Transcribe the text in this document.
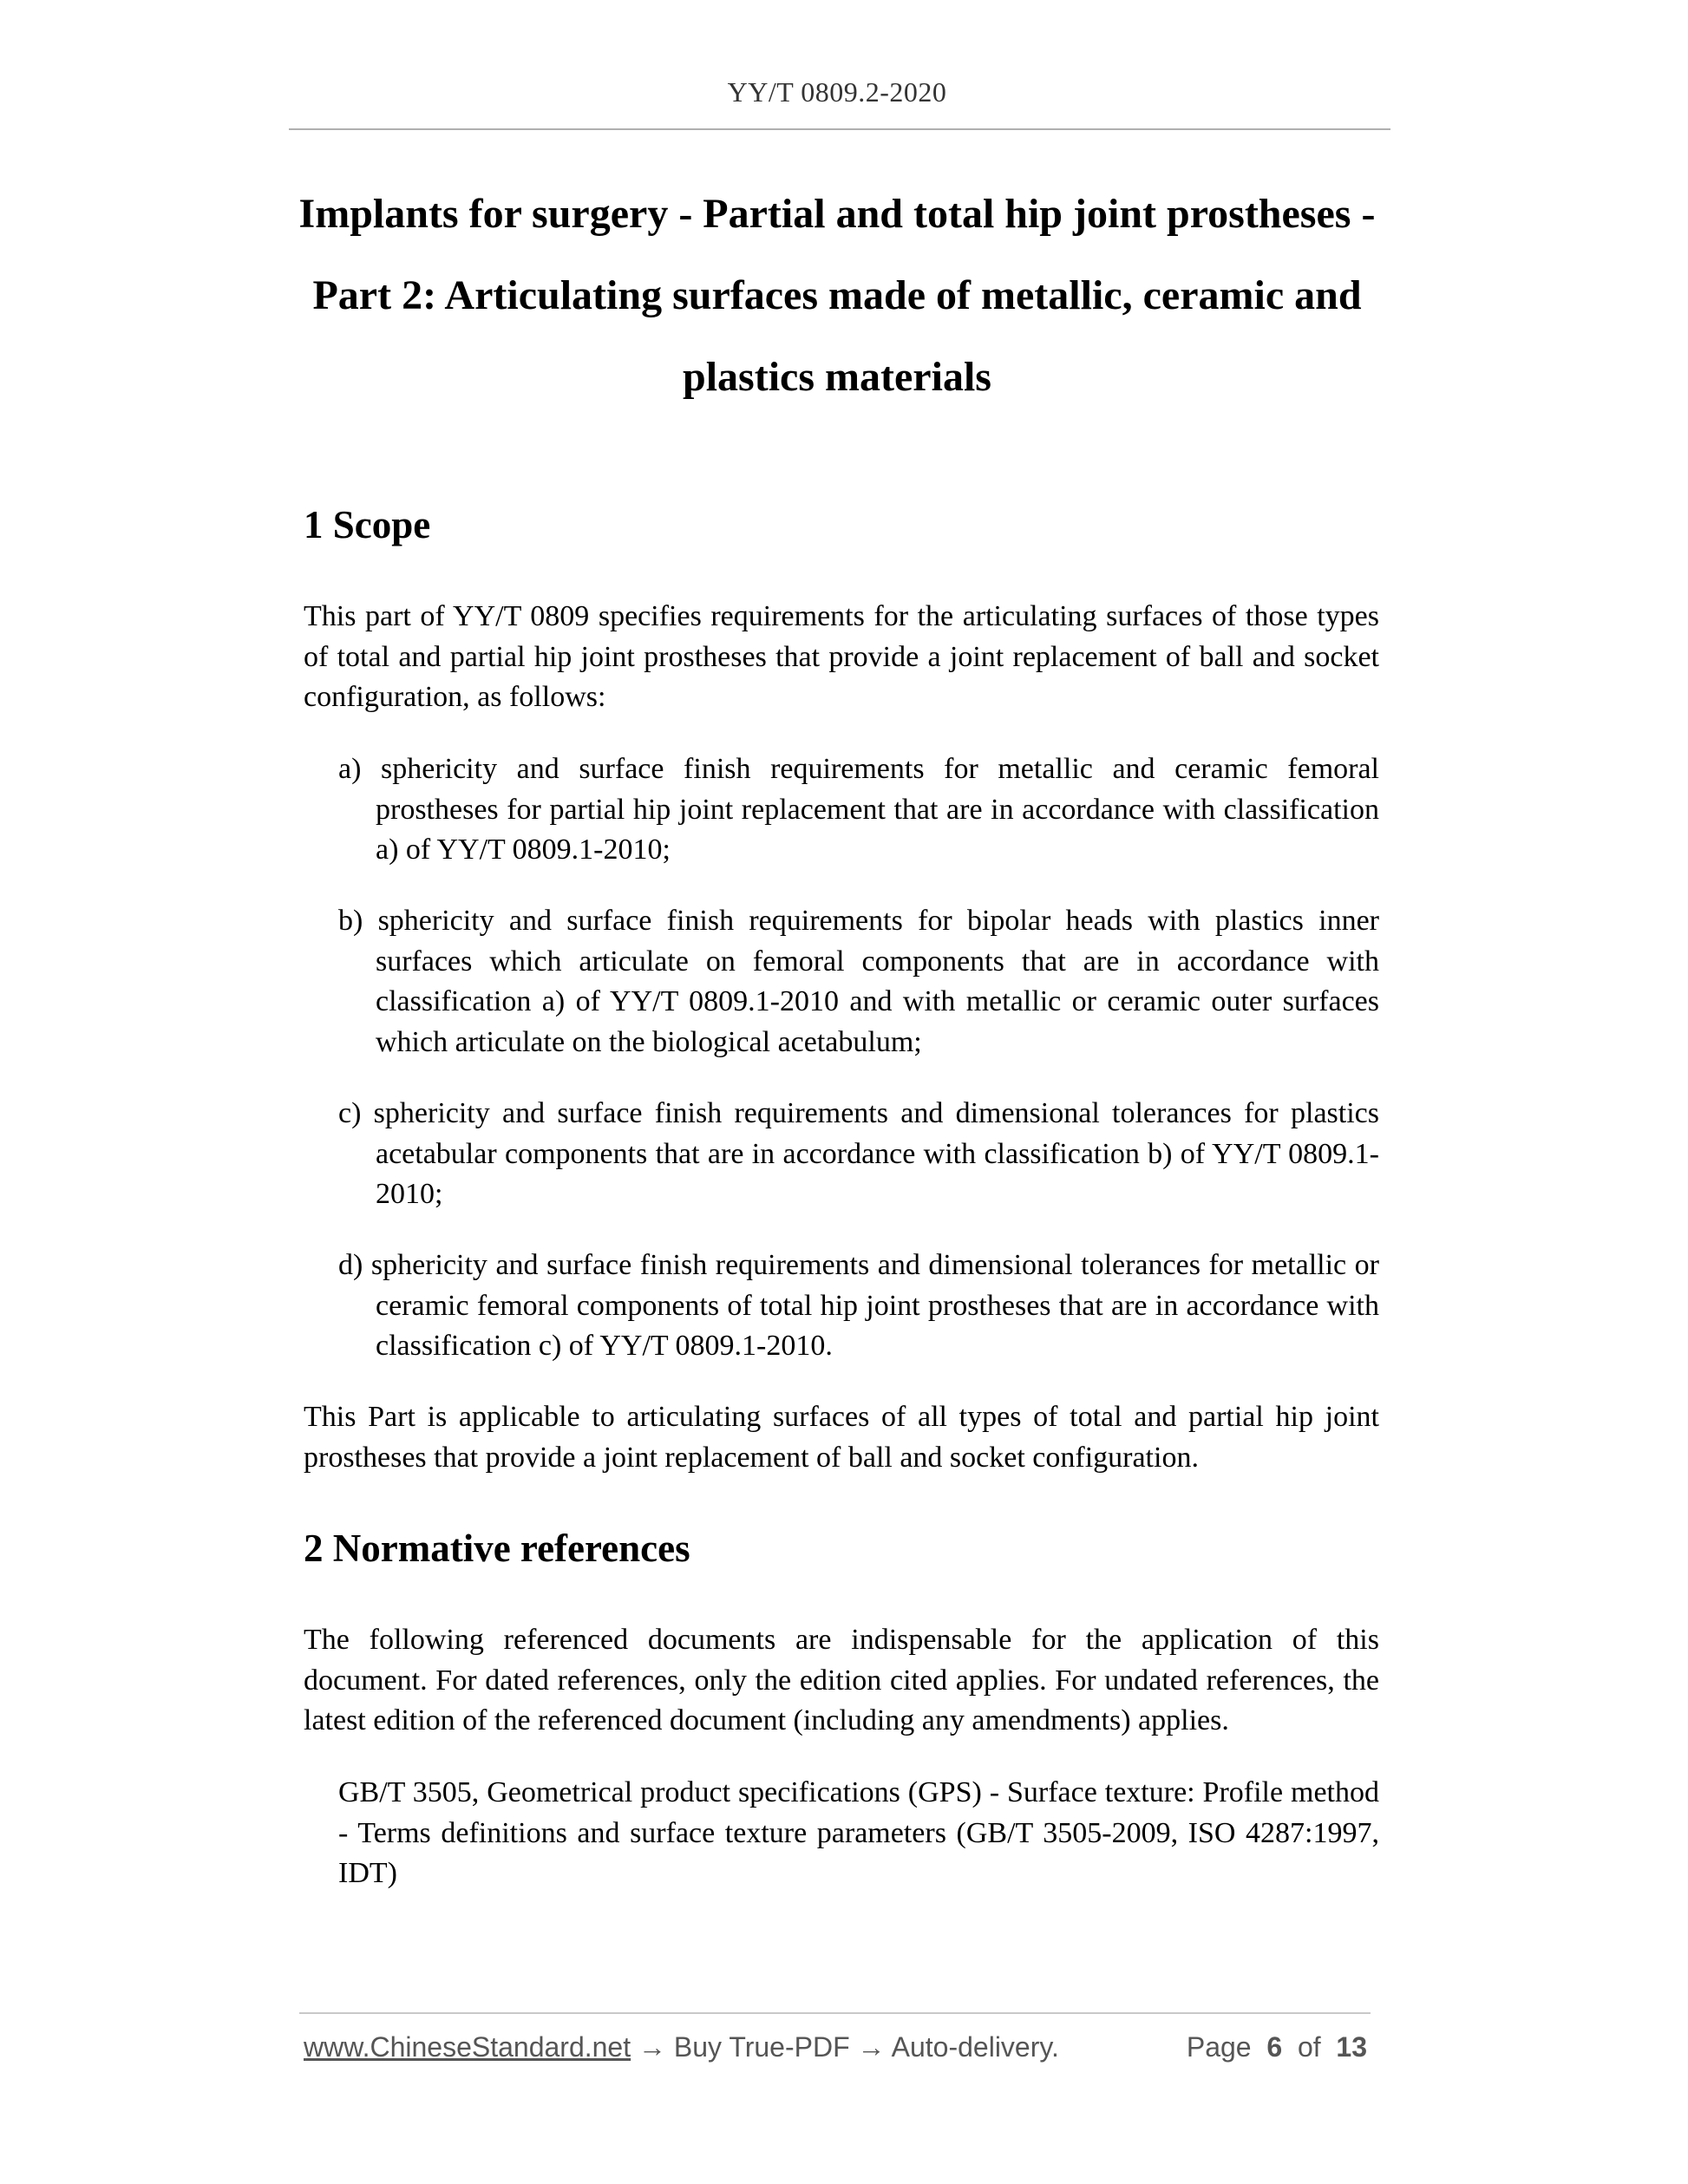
YY/T 0809.2-2020
Implants for surgery - Partial and total hip joint prostheses -
Part 2: Articulating surfaces made of metallic, ceramic and
plastics materials
1 Scope

This part of YY/T 0809 specifies requirements for the articulating surfaces of those types of total and partial hip joint prostheses that provide a joint replacement of ball and socket configuration, as follows:

a) sphericity and surface finish requirements for metallic and ceramic femoral prostheses for partial hip joint replacement that are in accordance with classification a) of YY/T 0809.1-2010;

b) sphericity and surface finish requirements for bipolar heads with plastics inner surfaces which articulate on femoral components that are in accordance with classification a) of YY/T 0809.1-2010 and with metallic or ceramic outer surfaces which articulate on the biological acetabulum;

c) sphericity and surface finish requirements and dimensional tolerances for plastics acetabular components that are in accordance with classification b) of YY/T 0809.1-2010;

d) sphericity and surface finish requirements and dimensional tolerances for metallic or ceramic femoral components of total hip joint prostheses that are in accordance with classification c) of YY/T 0809.1-2010.

This Part is applicable to articulating surfaces of all types of total and partial hip joint prostheses that provide a joint replacement of ball and socket configuration.

2 Normative references

The following referenced documents are indispensable for the application of this document. For dated references, only the edition cited applies. For undated references, the latest edition of the referenced document (including any amendments) applies.

GB/T 3505, Geometrical product specifications (GPS) - Surface texture: Profile method - Terms definitions and surface texture parameters (GB/T 3505-2009, ISO 4287:1997, IDT)

www.ChineseStandard.net → Buy True-PDF → Auto-delivery.	Page 6 of 13
